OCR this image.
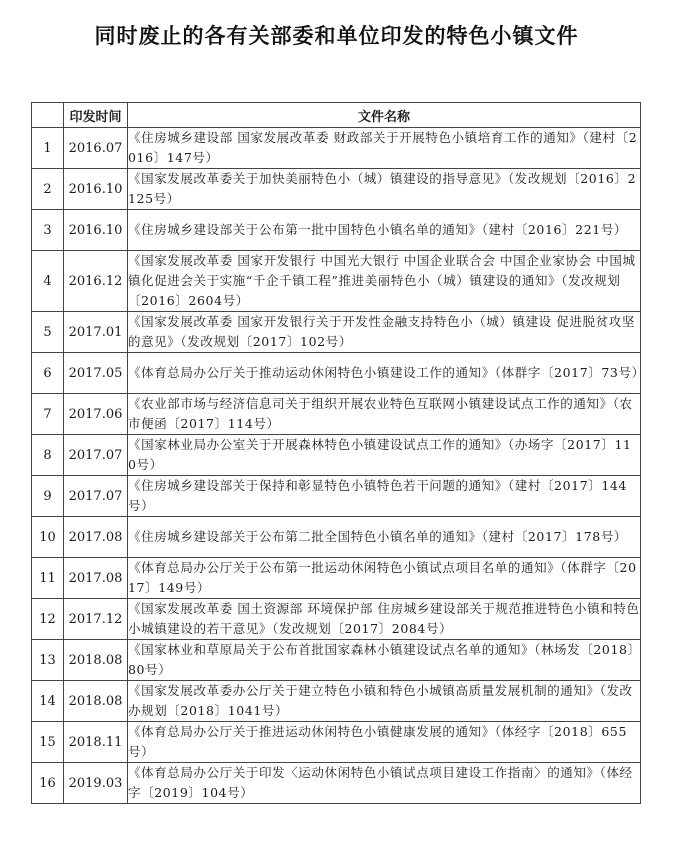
同时废止的各有关部委和单位印发的特色小镇文件
	印发时间	文件名称
1	2016.07	《住房城乡建设部 国家发展改革委 财政部关于开展特色小镇培育工作的通知》（建村〔2016〕147号）
2	2016.10	《国家发展改革委关于加快美丽特色小（城）镇建设的指导意见》（发改规划〔2016〕2125号）
3	2016.10	《住房城乡建设部关于公布第一批中国特色小镇名单的通知》（建村〔2016〕221号）
4	2016.12	《国家发展改革委 国家开发银行 中国光大银行 中国企业联合会 中国企业家协会 中国城镇化促进会关于实施“千企千镇工程”推进美丽特色小（城）镇建设的通知》（发改规划〔2016〕2604号）
5	2017.01	《国家发展改革委 国家开发银行关于开发性金融支持特色小（城）镇建设 促进脱贫攻坚的意见》（发改规划〔2017〕102号）
6	2017.05	《体育总局办公厅关于推动运动休闲特色小镇建设工作的通知》（体群字〔2017〕73号）
7	2017.06	《农业部市场与经济信息司关于组织开展农业特色互联网小镇建设试点工作的通知》（农市便函〔2017〕114号）
8	2017.07	《国家林业局办公室关于开展森林特色小镇建设试点工作的通知》（办场字〔2017〕110号）
9	2017.07	《住房城乡建设部关于保持和彰显特色小镇特色若干问题的通知》（建村〔2017〕144号）
10	2017.08	《住房城乡建设部关于公布第二批全国特色小镇名单的通知》（建村〔2017〕178号）
11	2017.08	《体育总局办公厅关于公布第一批运动休闲特色小镇试点项目名单的通知》（体群字〔2017〕149号）
12	2017.12	《国家发展改革委 国土资源部 环境保护部 住房城乡建设部关于规范推进特色小镇和特色小城镇建设的若干意见》（发改规划〔2017〕2084号）
13	2018.08	《国家林业和草原局关于公布首批国家森林小镇建设试点名单的通知》（林场发〔2018〕80号）
14	2018.08	《国家发展改革委办公厅关于建立特色小镇和特色小城镇高质量发展机制的通知》（发改办规划〔2018〕1041号）
15	2018.11	《体育总局办公厅关于推进运动休闲特色小镇健康发展的通知》（体经字〔2018〕655号）
16	2019.03	《体育总局办公厅关于印发〈运动休闲特色小镇试点项目建设工作指南〉的通知》（体经字〔2019〕104号）
